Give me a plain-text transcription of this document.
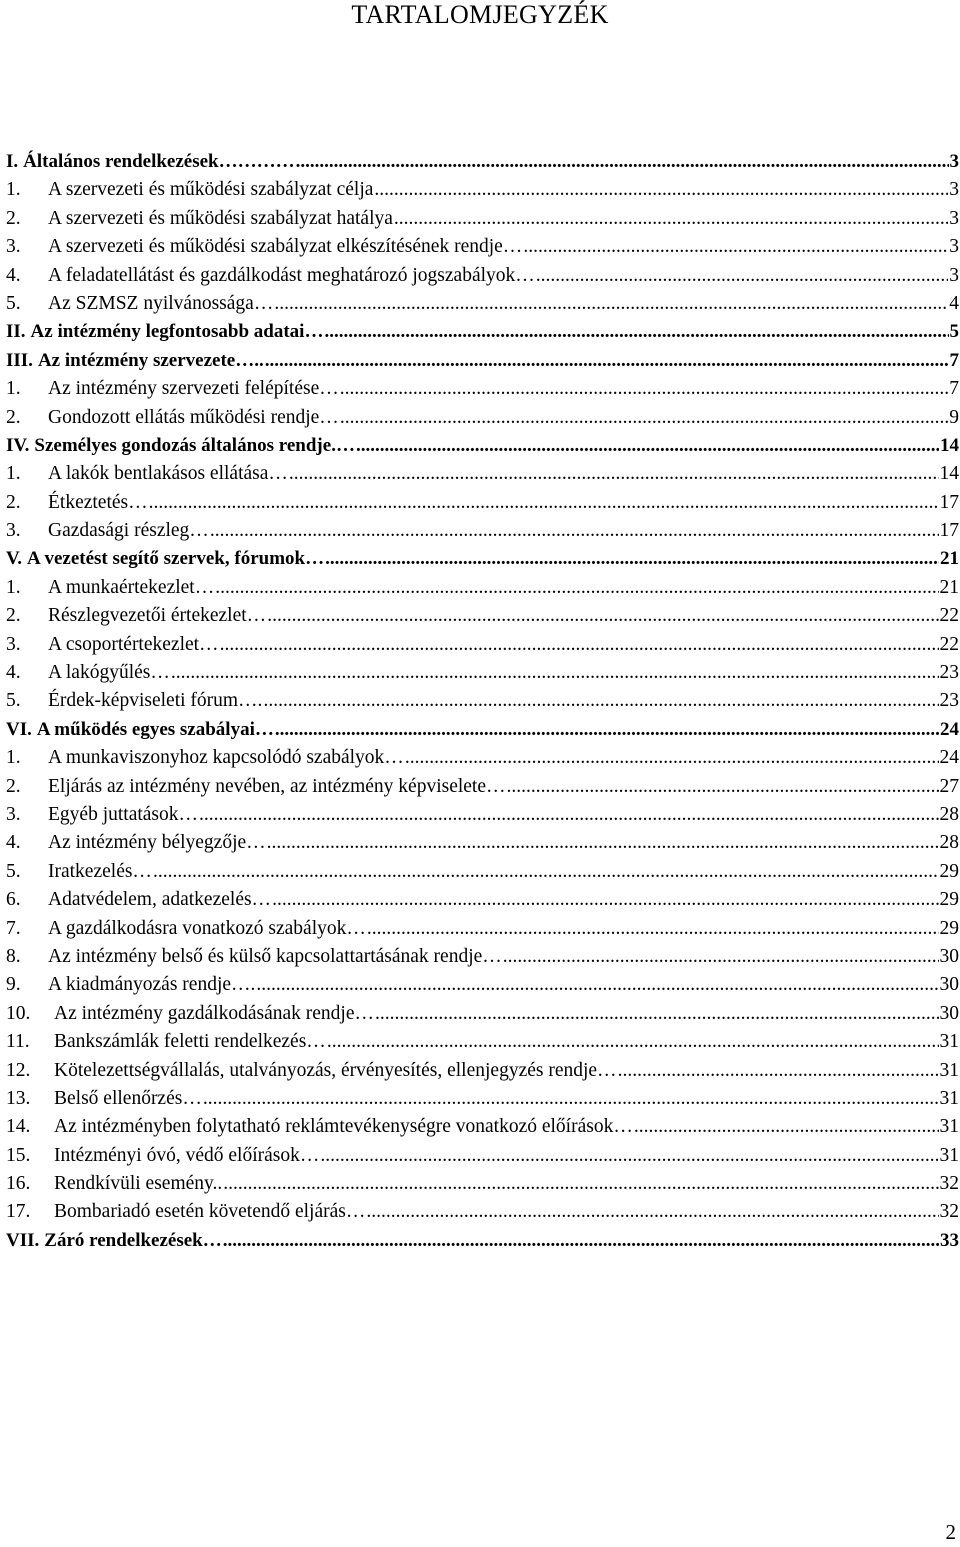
TARTALOMJEGYZÉK
I. Általános rendelkezések………… .....	3
1.	A szervezeti és működési szabályzat célja .....	3
2.	A szervezeti és működési szabályzat hatálya .....	3
3.	A szervezeti és működési szabályzat elkészítésének rendje… .....	3
4.	A feladatellátást és gazdálkodást meghatározó jogszabályok… .....	3
5.	Az SZMSZ nyilvánossága… .....	4
II. Az intézmény legfontosabb adatai… .....	5
III. Az intézmény szervezete….. .....	7
1.	Az intézmény szervezeti felépítése… .....	7
2.	Gondozott ellátás működési rendje… .....	9
IV. Személyes gondozás általános rendje.… .....	14
1.	A lakók bentlakásos ellátása… .....	14
2.	Étkeztetés… .....	17
3.	Gazdasági részleg… .....	17
V. A vezetést segítő szervek, fórumok… .....	21
1.	A munkaértekezlet… .....	21
2.	Részlegvezetői értekezlet… .....	22
3.	A csoportértekezlet… .....	22
4.	A lakógyűlés… .....	23
5.	Érdek-képviseleti fórum…. .....	23
VI. A működés egyes szabályai… .....	24
1.	A munkaviszonyhoz kapcsolódó szabályok… .....	24
2.	Eljárás az intézmény nevében, az intézmény képviselete… .....	27
3.	Egyéb juttatások… .....	28
4.	Az intézmény bélyegzője… .....	28
5.	Iratkezelés… .....	29
6.	Adatvédelem, adatkezelés… .....	29
7.	A gazdálkodásra vonatkozó szabályok… .....	29
8.	Az intézmény belső és külső kapcsolattartásának rendje… .....	30
9.	A kiadmányozás rendje…. .....	30
10.	Az intézmény gazdálkodásának rendje… .....	30
11.	Bankszámlák feletti rendelkezés… .....	31
12.	Kötelezettségvállalás, utalványozás, érvényesítés, ellenjegyzés rendje… .....	31
13.	Belső ellenőrzés… .....	31
14.	Az intézményben folytatható reklámtevékenységre vonatkozó előírások… .....	31
15.	Intézményi óvó, védő előírások… .....	31
16.	Rendkívüli esemény.. .....	32
17.	Bombariadó esetén követendő eljárás… .....	32
VII. Záró rendelkezések… .....	33
2
